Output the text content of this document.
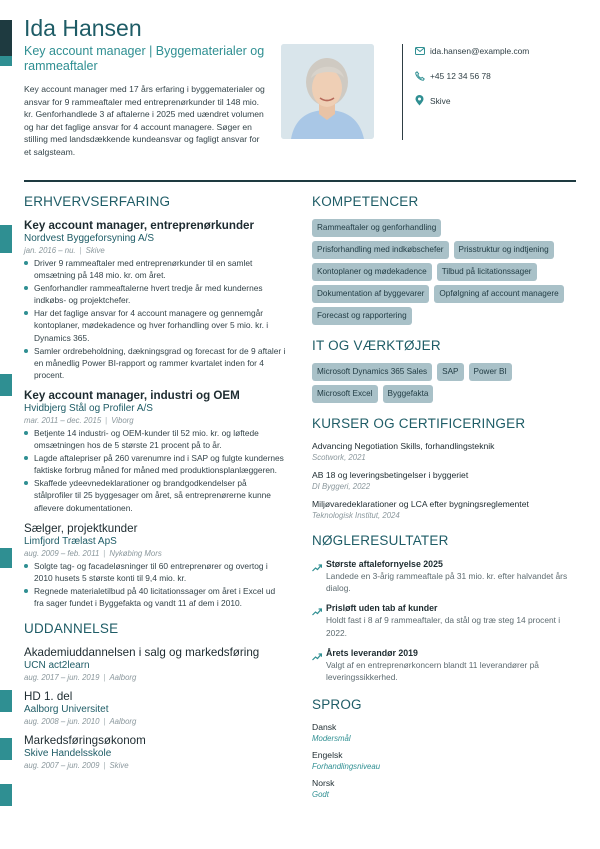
Ida Hansen
Key account manager | Byggematerialer og rammeaftaler
Key account manager med 17 års erfaring i byggematerialer og ansvar for 9 rammeaftaler med entreprenørkunder til 148 mio. kr. Genforhandlede 3 af aftalerne i 2025 med uændret volumen og har det faglige ansvar for 4 account managere. Søger en stilling med landsdækkende kundeansvar og fagligt ansvar for et salgsteam.
ida.hansen@example.com
+45 12 34 56 78
Skive
ERHVERVSERFARING
Key account manager, entreprenørkunder
Nordvest Byggeforsyning A/S
jan. 2016 – nu. | Skive
Driver 9 rammeaftaler med entreprenørkunder til en samlet omsætning på 148 mio. kr. om året.
Genforhandler rammeaftalerne hvert tredje år med kundernes indkøbs- og projektchefer.
Har det faglige ansvar for 4 account managere og gennemgår kontoplaner, mødekadence og hver forhandling over 5 mio. kr. i Dynamics 365.
Samler ordrebeholdning, dækningsgrad og forecast for de 9 aftaler i en månedlig Power BI-rapport og rammer kvartalet inden for 4 procent.
Key account manager, industri og OEM
Hvidbjerg Stål og Profiler A/S
mar. 2011 – dec. 2015 | Viborg
Betjente 14 industri- og OEM-kunder til 52 mio. kr. og løftede omsætningen hos de 5 største 21 procent på to år.
Lagde aftalepriser på 260 varenumre ind i SAP og fulgte kundernes faktiske forbrug måned for måned med produktionsplanlæggeren.
Skaffede ydeevnedeklarationer og brandgodkendelser på stålprofiler til 25 byggesager om året, så entreprenørerne kunne aflevere dokumentationen.
Sælger, projektkunder
Limfjord Trælast ApS
aug. 2009 – feb. 2011 | Nykøbing Mors
Solgte tag- og facadeløsninger til 60 entreprenører og overtog i 2010 husets 5 største konti til 9,4 mio. kr.
Regnede materialetilbud på 40 licitationssager om året i Excel ud fra sager fundet i Byggefakta og vandt 11 af dem i 2010.
UDDANNELSE
Akademiuddannelsen i salg og markedsføring
UCN act2learn
aug. 2017 – jun. 2019 | Aalborg
HD 1. del
Aalborg Universitet
aug. 2008 – jun. 2010 | Aalborg
Markedsføringsøkonom
Skive Handelsskole
aug. 2007 – jun. 2009 | Skive
KOMPETENCER
Rammeaftaler og genforhandling
Prisforhandling med indkøbschefer	Prisstruktur og indtjening
Kontoplaner og mødekadence	Tilbud på licitationssager
Dokumentation af byggevarer	Opfølgning af account managere
Forecast og rapportering
IT OG VÆRKTØJER
Microsoft Dynamics 365 Sales	SAP	Power BI
Microsoft Excel	Byggefakta
KURSER OG CERTIFICERINGER
Advancing Negotiation Skills, forhandlingsteknik
Scotwork, 2021
AB 18 og leveringsbetingelser i byggeriet
DI Byggeri, 2022
Miljøvaredeklarationer og LCA efter bygningsreglementet
Teknologisk Institut, 2024
NØGLERESULTATER
Største aftalefornyelse 2025
Landede en 3-årig rammeaftale på 31 mio. kr. efter halvandet års dialog.
Prisløft uden tab af kunder
Holdt fast i 8 af 9 rammeaftaler, da stål og træ steg 14 procent i 2022.
Årets leverandør 2019
Valgt af en entreprenørkoncern blandt 11 leverandører på leveringssikkerhed.
SPROG
Dansk
Modersmål
Engelsk
Forhandlingsniveau
Norsk
Godt
